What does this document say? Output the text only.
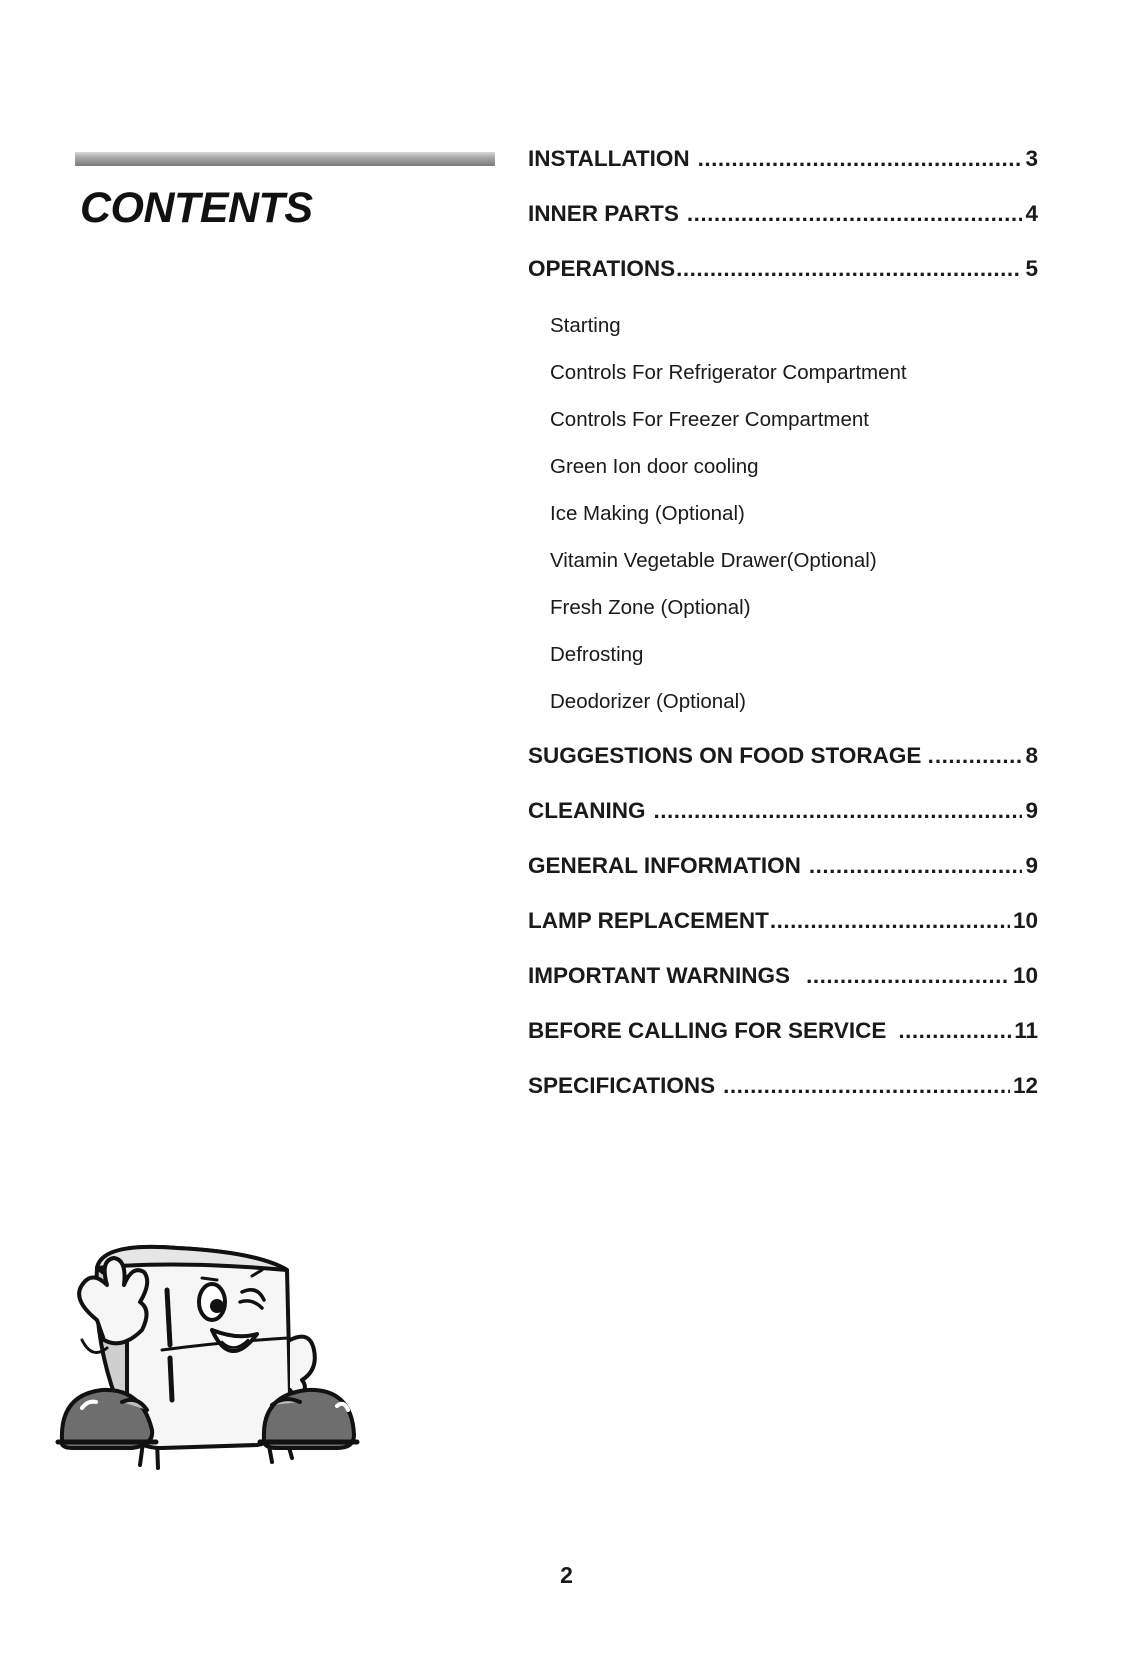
CONTENTS
INSTALLATION .....	3
INNER PARTS .....	4
OPERATIONS .....	5
Starting
Controls For Refrigerator Compartment
Controls For Freezer Compartment
Green Ion door cooling
Ice Making (Optional)
Vitamin Vegetable Drawer(Optional)
Fresh Zone (Optional)
Defrosting
Deodorizer (Optional)
SUGGESTIONS ON FOOD STORAGE . .....	8
CLEANING .....	9
GENERAL INFORMATION .....	9
LAMP REPLACEMENT .....	10
IMPORTANT WARNINGS .....	10
BEFORE CALLING FOR SERVICE .....	11
SPECIFICATIONS .....	12
2
